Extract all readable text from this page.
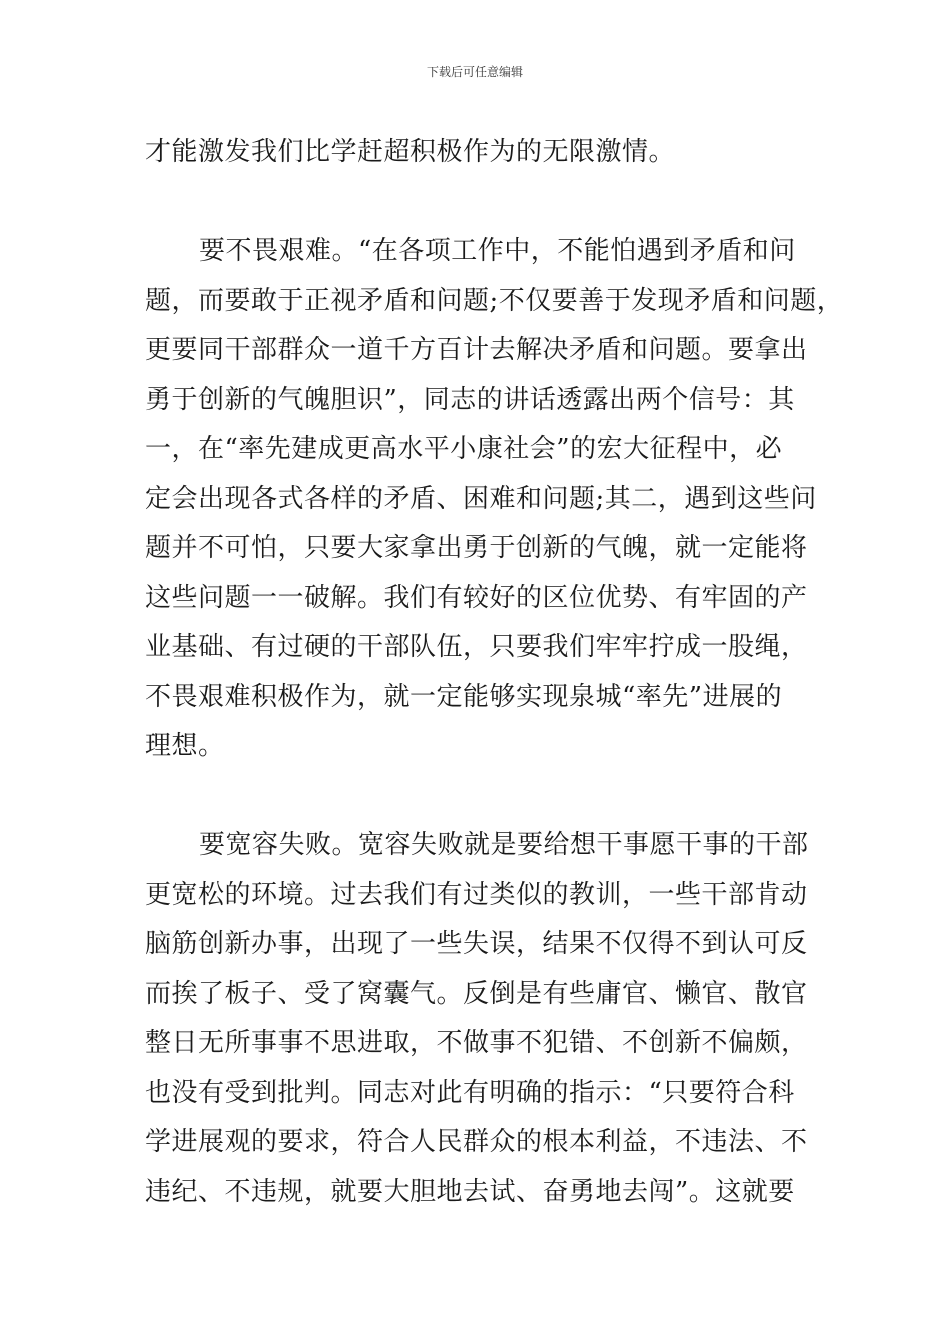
下载后可任意编辑
才能激发我们比学赶超积极作为的无限激情。
要不畏艰难。“在各项工作中，不能怕遇到矛盾和问
题，而要敢于正视矛盾和问题;不仅要善于发现矛盾和问题，
更要同干部群众一道千方百计去解决矛盾和问题。要拿出
勇于创新的气魄胆识”，同志的讲话透露出两个信号：其
一，在“率先建成更高水平小康社会”的宏大征程中，必
定会出现各式各样的矛盾、困难和问题;其二，遇到这些问
题并不可怕，只要大家拿出勇于创新的气魄，就一定能将
这些问题一一破解。我们有较好的区位优势、有牢固的产
业基础、有过硬的干部队伍，只要我们牢牢拧成一股绳，
不畏艰难积极作为，就一定能够实现泉城“率先”进展的
理想。
要宽容失败。宽容失败就是要给想干事愿干事的干部
更宽松的环境。过去我们有过类似的教训，一些干部肯动
脑筋创新办事，出现了一些失误，结果不仅得不到认可反
而挨了板子、受了窝囊气。反倒是有些庸官、懒官、散官
整日无所事事不思进取，不做事不犯错、不创新不偏颇，
也没有受到批判。同志对此有明确的指示：“只要符合科
学进展观的要求，符合人民群众的根本利益，不违法、不
违纪、不违规，就要大胆地去试、奋勇地去闯”。这就要
